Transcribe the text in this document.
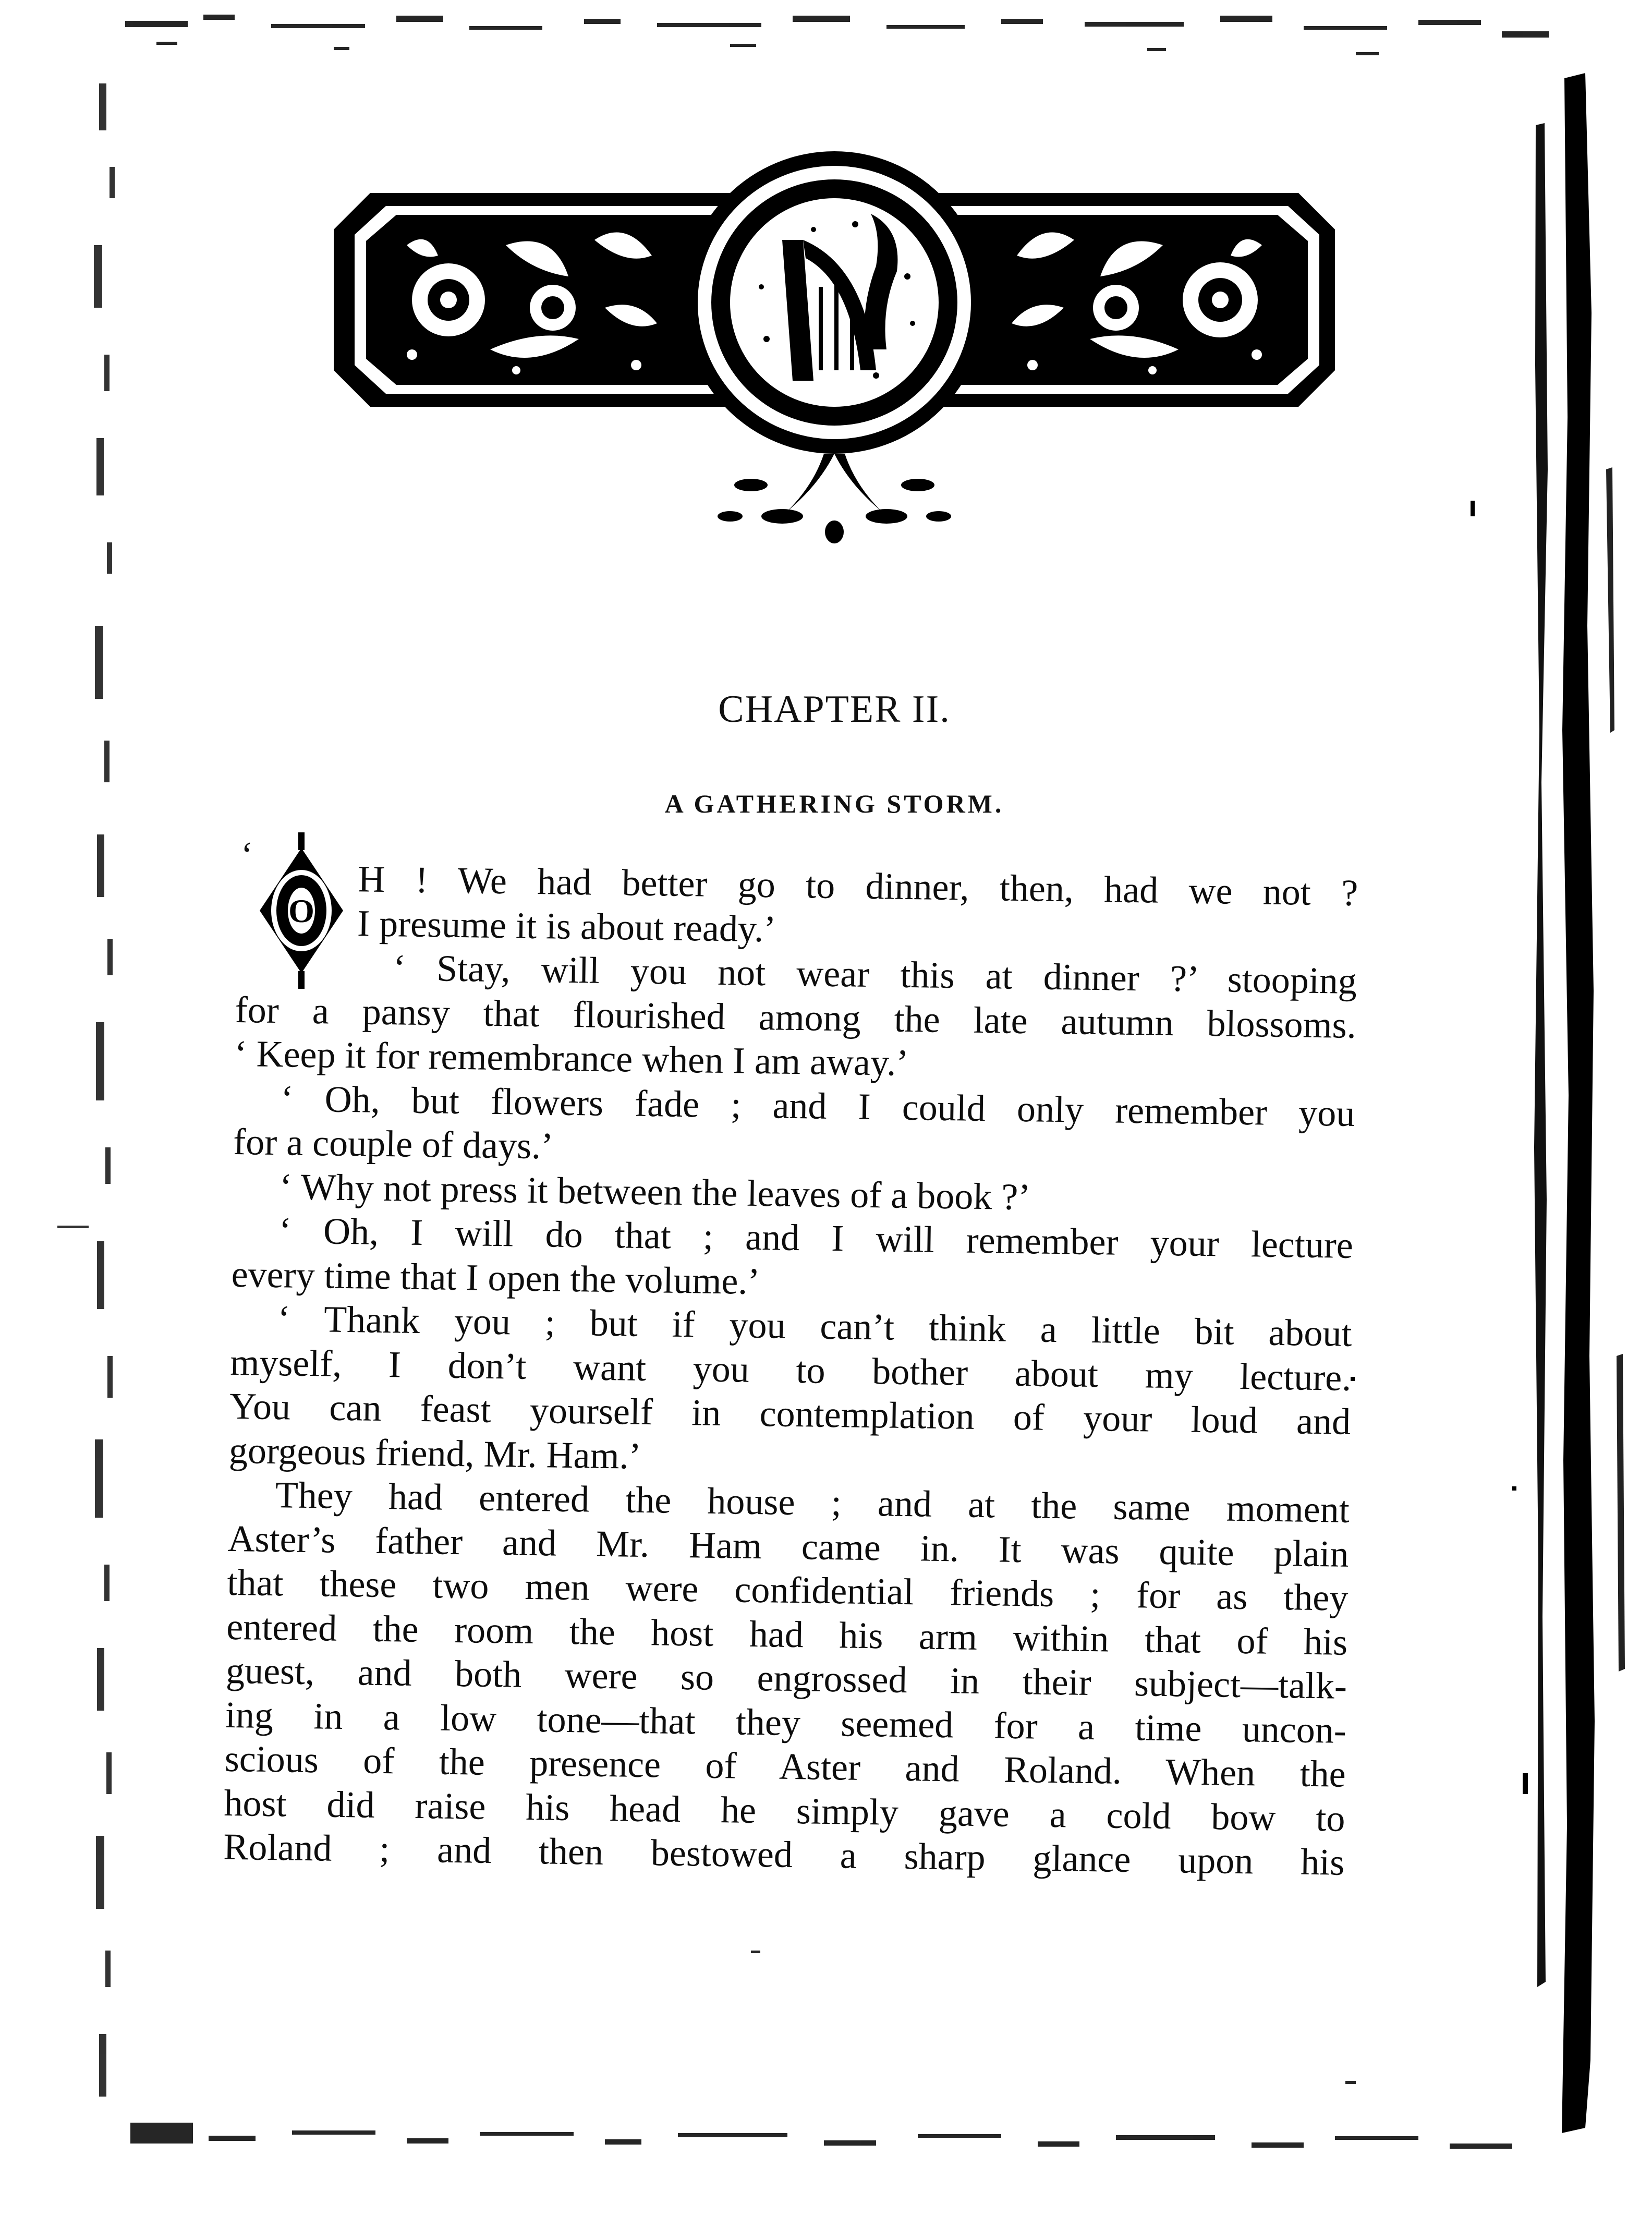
CHAPTER II.
A GATHERING STORM.
‘
O H ! We had better go to dinner, then, had we not ?
I presume it is about ready.’
‘ Stay, will you not wear this at dinner ?’ stooping
for a pansy that flourished among the late autumn blossoms.
‘ Keep it for remembrance when I am away.’
‘ Oh, but flowers fade ; and I could only remember you
for a couple of days.’
‘ Why not press it between the leaves of a book ?’
‘ Oh, I will do that ; and I will remember your lecture
every time that I open the volume.’
‘ Thank you ; but if you can’t think a little bit about
myself, I don’t want you to bother about my lecture.
You can feast yourself in contemplation of your loud and
gorgeous friend, Mr. Ham.’
They had entered the house ; and at the same moment
Aster’s father and Mr. Ham came in. It was quite plain
that these two men were confidential friends ; for as they
entered the room the host had his arm within that of his
guest, and both were so engrossed in their subject—talk-
ing in a low tone—that they seemed for a time uncon-
scious of the presence of Aster and Roland. When the
host did raise his head he simply gave a cold bow to
Roland ; and then bestowed a sharp glance upon his
